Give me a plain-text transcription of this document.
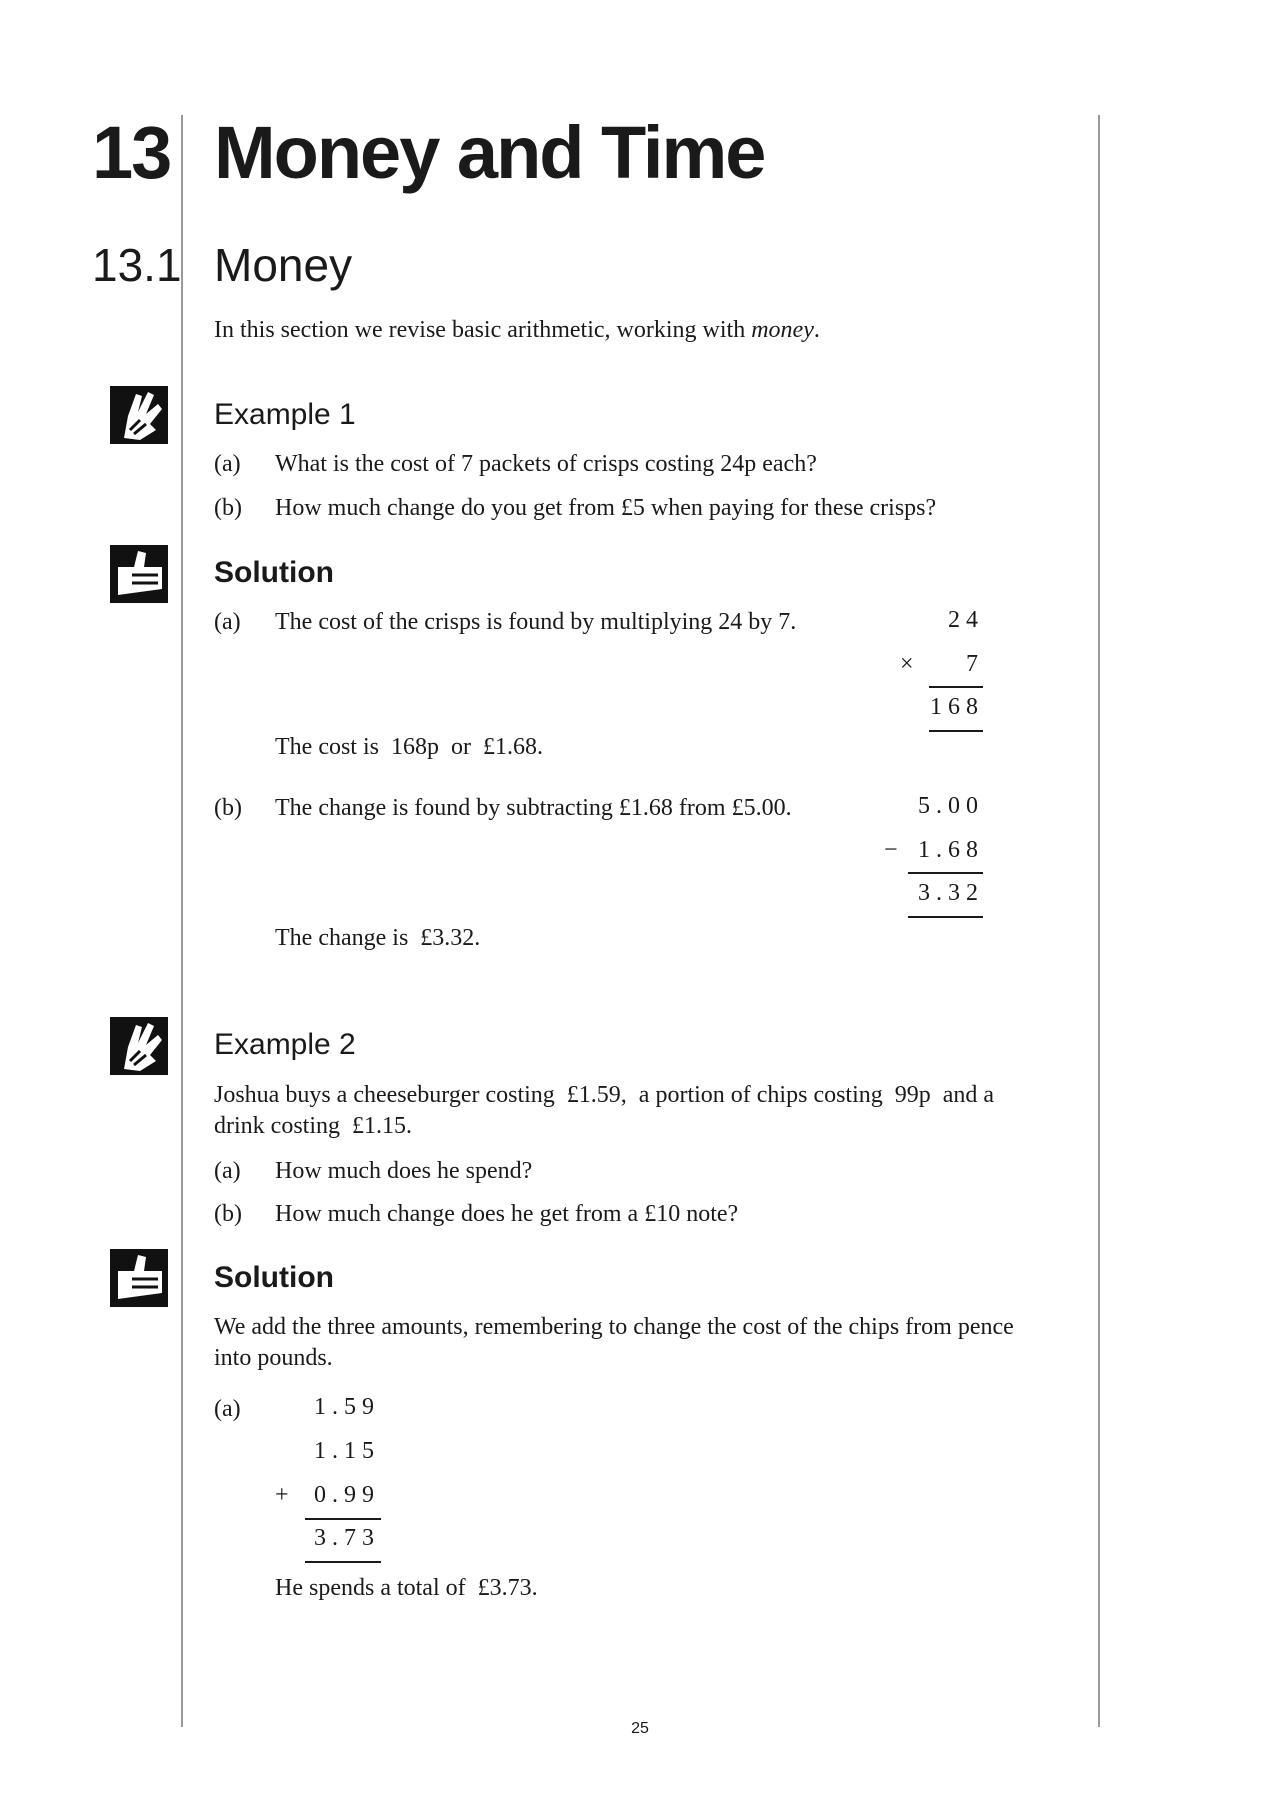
13 Money and Time
13.1 Money
In this section we revise basic arithmetic, working with money.
Example 1
(a) What is the cost of 7 packets of crisps costing 24p each?
(b) How much change do you get from £5 when paying for these crisps?
Solution
(a) The cost of the crisps is found by multiplying 24 by 7.	24
× 7
168
The cost is  168p  or  £1.68.
(b) The change is found by subtracting £1.68 from £5.00.	5.00
− 1.68
3.32
The change is  £3.32.
Example 2
Joshua buys a cheeseburger costing  £1.59,  a portion of chips costing  99p  and a
drink costing  £1.15.
(a) How much does he spend?
(b) How much change does he get from a £10 note?
Solution
We add the three amounts, remembering to change the cost of the chips from pence
into pounds.
(a)	1.59
1.15
+ 0.99
3.73
He spends a total of  £3.73.
25
